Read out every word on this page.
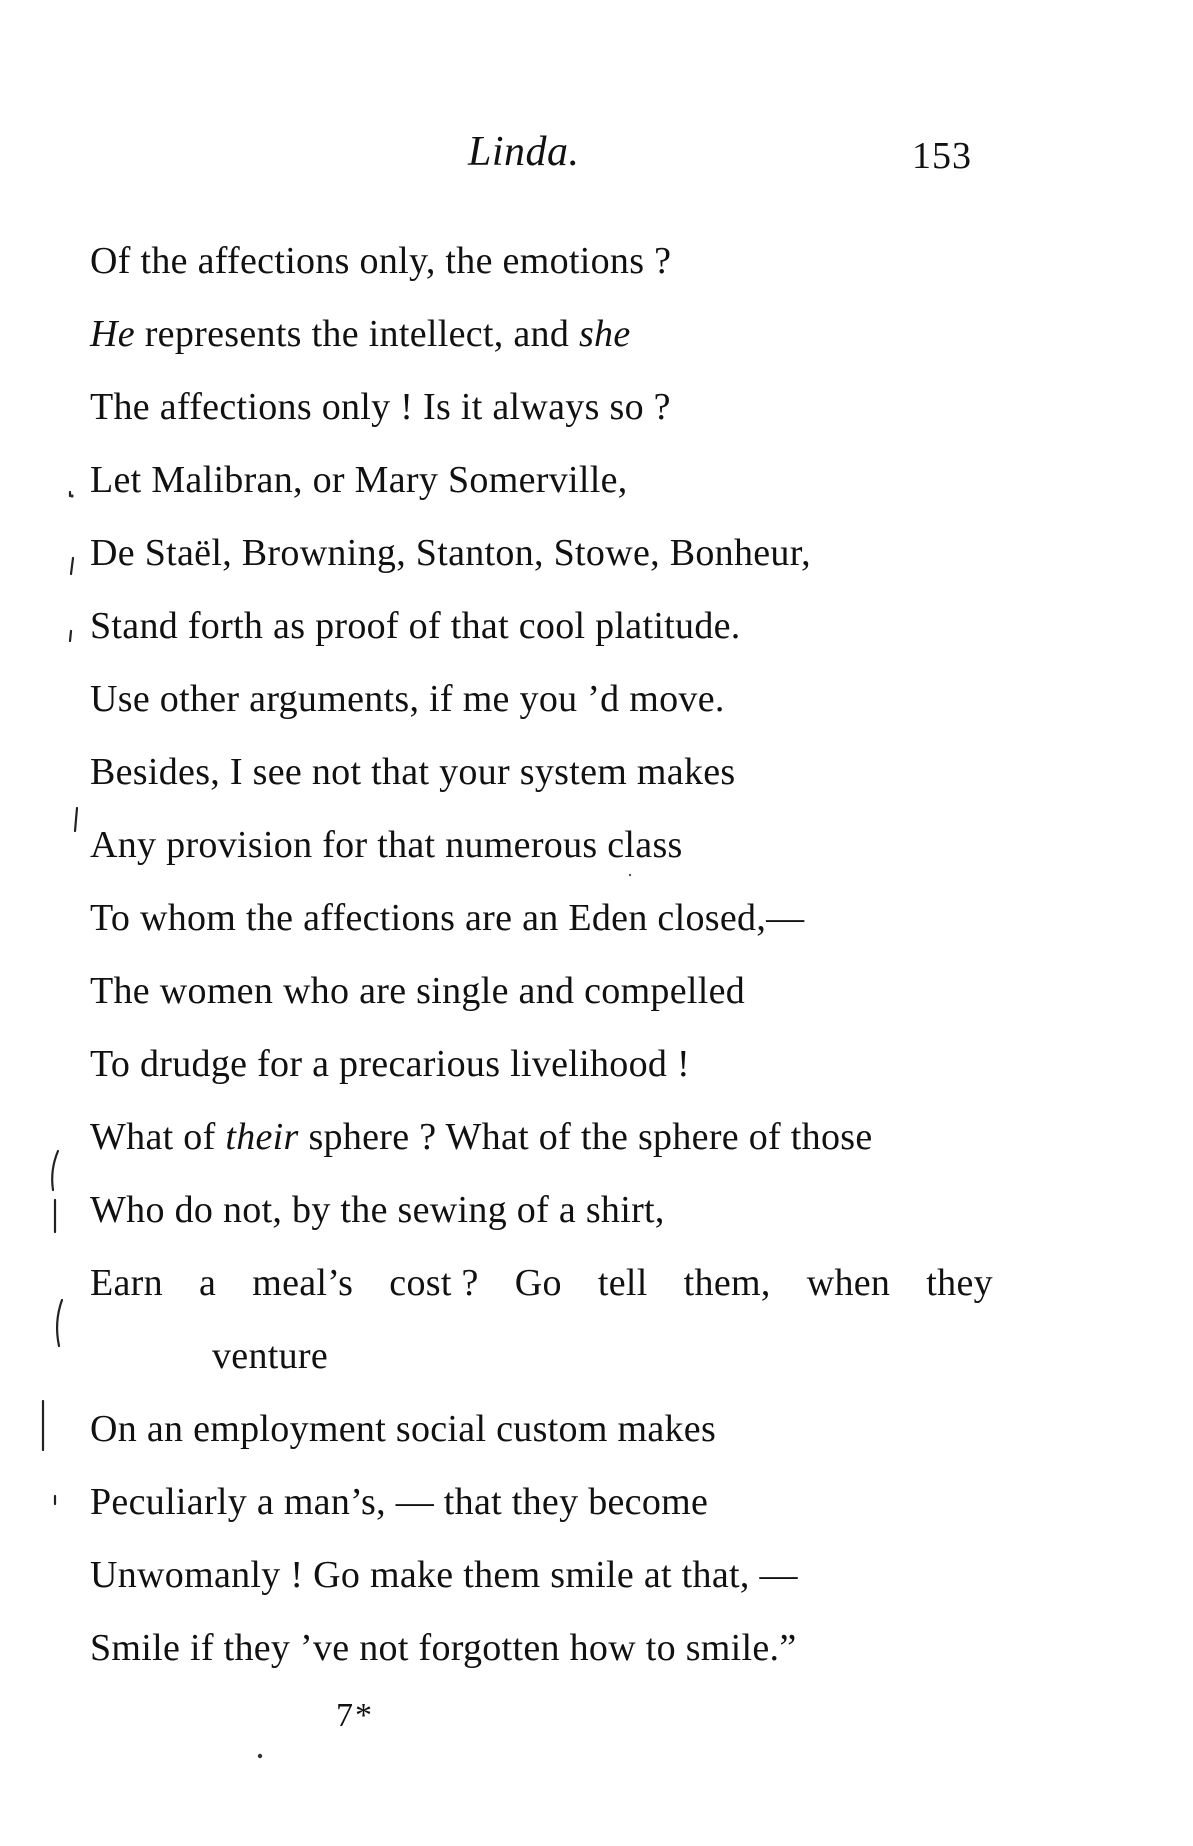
Linda.	153
Of the affections only, the emotions ?
He represents the intellect, and she
The affections only ! Is it always so ?
Let Malibran, or Mary Somerville,
De Staël, Browning, Stanton, Stowe, Bonheur,
Stand forth as proof of that cool platitude.
Use other arguments, if me you ’d move.
Besides, I see not that your system makes
Any provision for that numerous class
To whom the affections are an Eden closed,—
The women who are single and compelled
To drudge for a precarious livelihood !
What of their sphere ? What of the sphere of those
Who do not, by the sewing of a shirt,
Earn a meal’s cost ? Go tell them, when they
venture
On an employment social custom makes
Peculiarly a man’s, — that they become
Unwomanly ! Go make them smile at that, —
Smile if they ’ve not forgotten how to smile.”
7*
